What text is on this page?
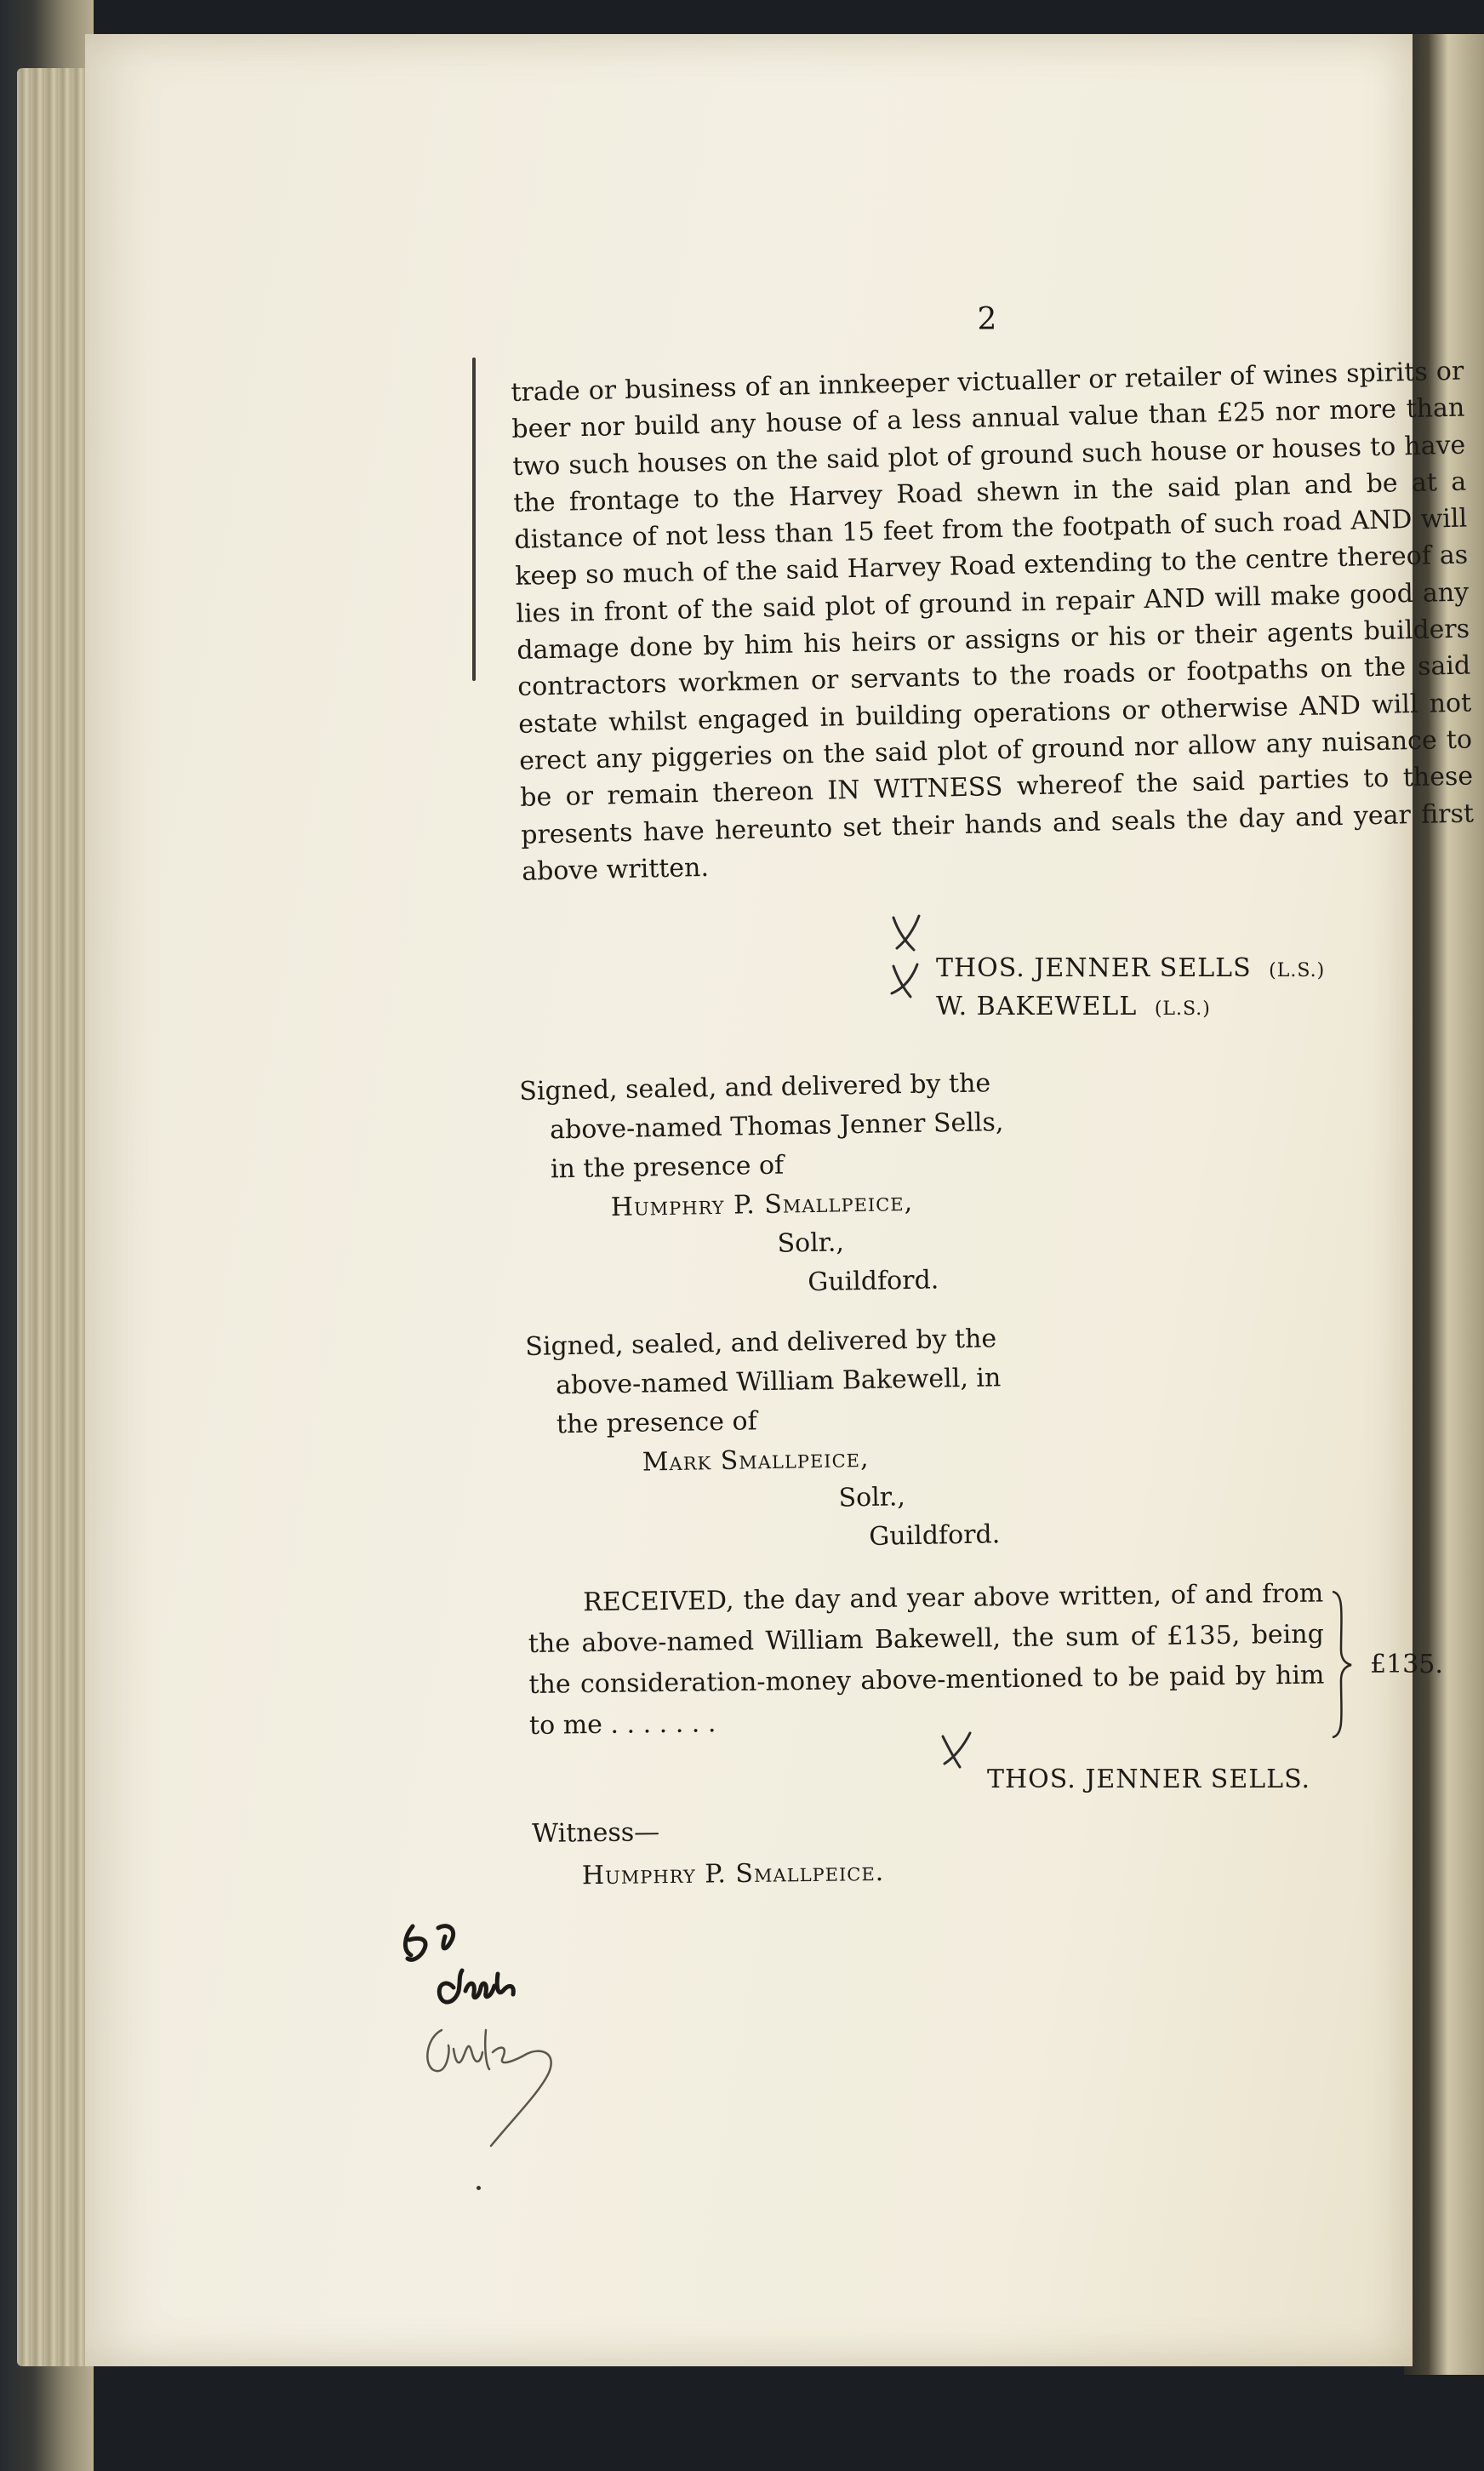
2

trade or business of an innkeeper victualler or retailer of wines spirits or beer nor build any house of a less annual value than £25 nor more than two such houses on the said plot of ground such house or houses to have the frontage to the Harvey Road shewn in the said plan and be at a distance of not less than 15 feet from the footpath of such road AND will keep so much of the said Harvey Road extending to the centre thereof as lies in front of the said plot of ground in repair AND will make good any damage done by him his heirs or assigns or his or their agents builders contractors workmen or servants to the roads or footpaths on the said estate whilst engaged in building operations or otherwise AND will not erect any piggeries on the said plot of ground nor allow any nuisance to be or remain thereon IN WITNESS whereof the said parties to these presents have hereunto set their hands and seals the day and year first above written.

THOS. JENNER SELLS (L.S.)
W. BAKEWELL (L.S.)
Signed, sealed, and delivered by the
above-named Thomas Jenner Sells,
in the presence of
Humphry P. Smallpeice,
Solr.,
Guildford.
Signed, sealed, and delivered by the
above-named William Bakewell, in
the presence of
Mark Smallpeice,
Solr.,
Guildford.

RECEIVED, the day and year above written, of and from the above-named William Bakewell, the sum of £135, being the consideration-money above-mentioned to be paid by him to me . . . . . . .

£135.
THOS. JENNER SELLS.
Witness—
Humphry P. Smallpeice.
